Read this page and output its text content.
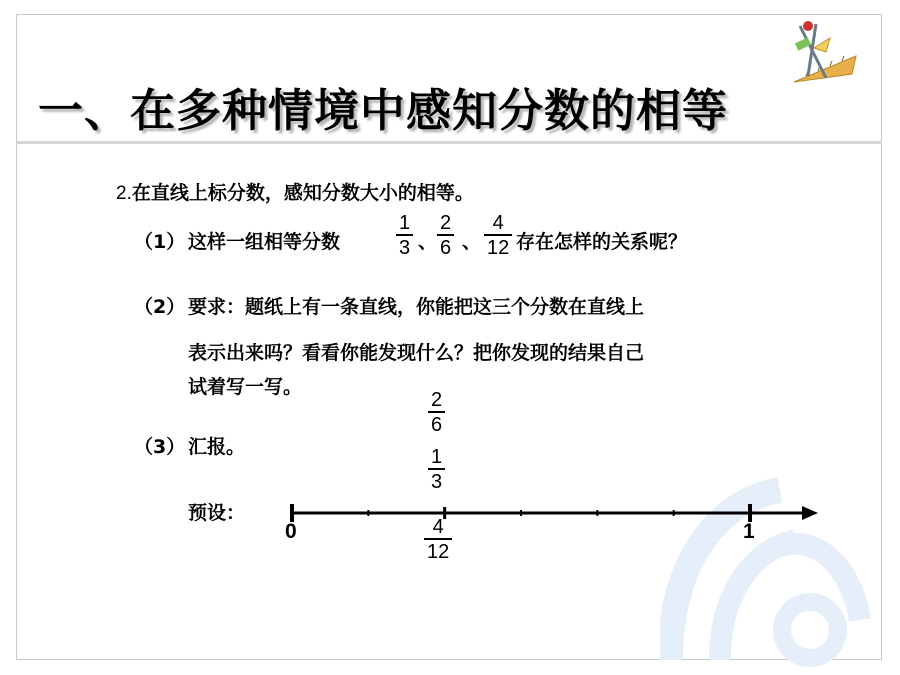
一、在多种情境中感知分数的相等
2.在直线上标分数，感知分数大小的相等。
（1） 这样一组相等分数
1
3 、
2
6 、
4
12 存在怎样的关系呢？
（2） 要求：题纸上有一条直线，你能把这三个分数在直线上
表示出来吗？看看你能发现什么？把你发现的结果自己
试着写一写。
（3） 汇报。
预设：
0	1
2
6
1
3
4
12
